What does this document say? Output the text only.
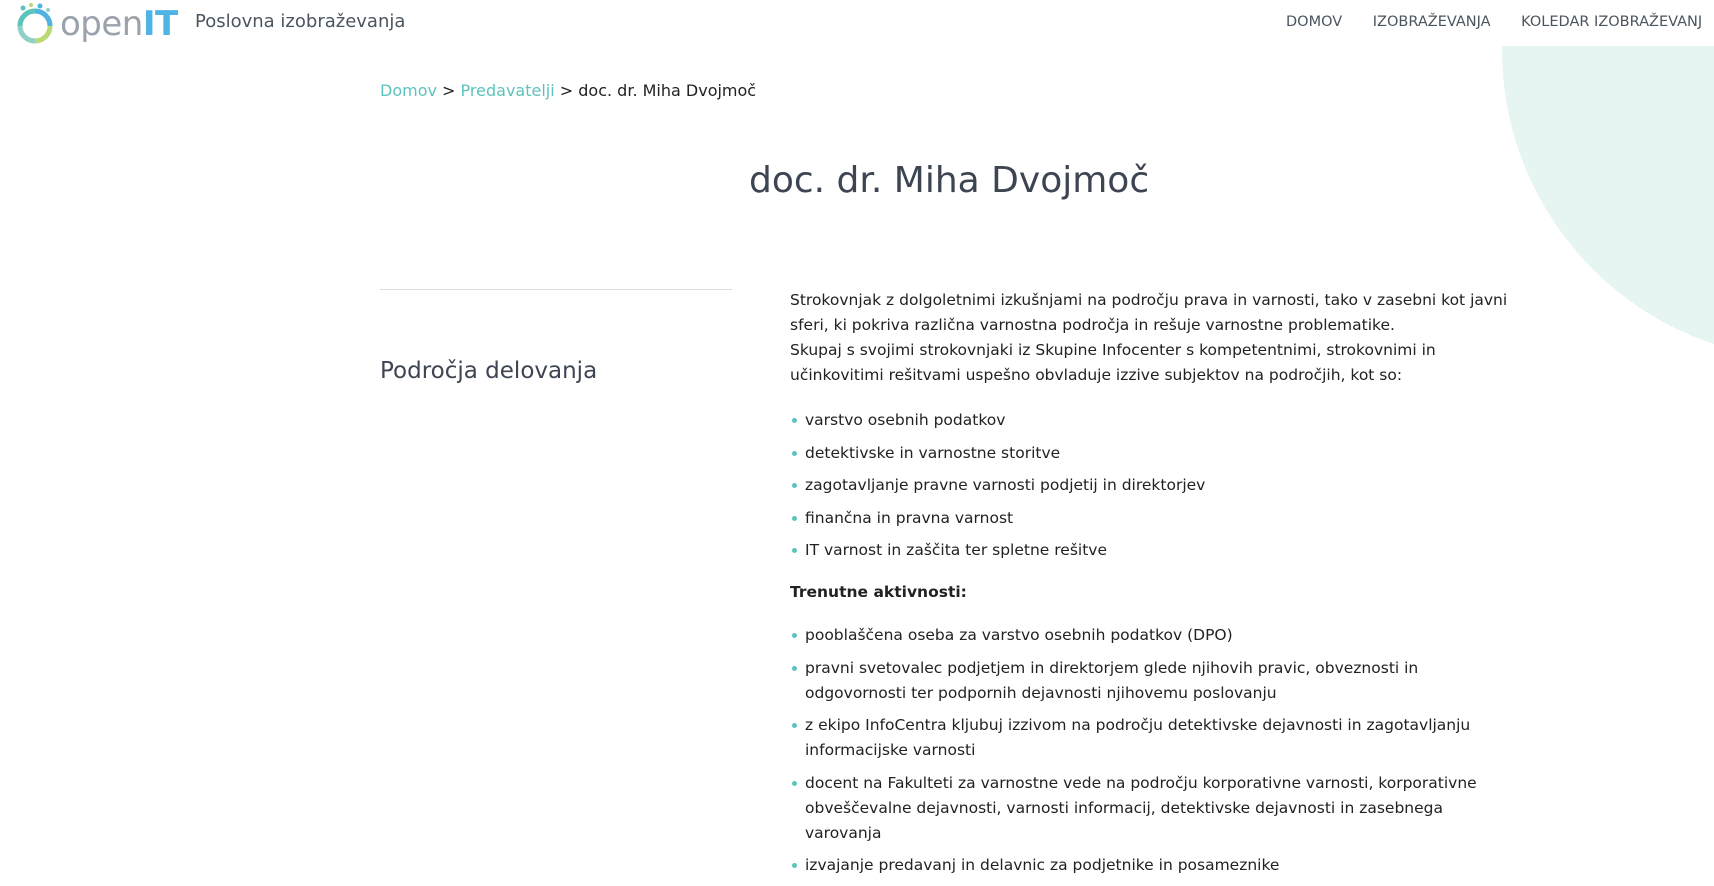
openIT Poslovna izobraževanja	DOMOV IZOBRAŽEVANJA KOLEDAR IZOBRAŽEVANJ
Domov > Predavatelji > doc. dr. Miha Dvojmoč
doc. dr. Miha Dvojmoč
Področja delovanja

Strokovnjak z dolgoletnimi izkušnjami na področju prava in varnosti, tako v zasebni kot javni sferi, ki pokriva različna varnostna področja in rešuje varnostne problematike.

Skupaj s svojimi strokovnjaki iz Skupine Infocenter s kompetentnimi, strokovnimi in učinkovitimi rešitvami uspešno obvladuje izzive subjektov na področjih, kot so:

varstvo osebnih podatkov
detektivske in varnostne storitve
zagotavljanje pravne varnosti podjetij in direktorjev
finančna in pravna varnost
IT varnost in zaščita ter spletne rešitve

Trenutne aktivnosti:

pooblaščena oseba za varstvo osebnih podatkov (DPO)
pravni svetovalec podjetjem in direktorjem glede njihovih pravic, obveznosti in odgovornosti ter podpornih dejavnosti njihovemu poslovanju
z ekipo InfoCentra kljubuj izzivom na področju detektivske dejavnosti in zagotavljanju informacijske varnosti
docent na Fakulteti za varnostne vede na področju korporativne varnosti, korporativne obveščevalne dejavnosti, varnosti informacij, detektivske dejavnosti in zasebnega varovanja
izvajanje predavanj in delavnic za podjetnike in posameznike
